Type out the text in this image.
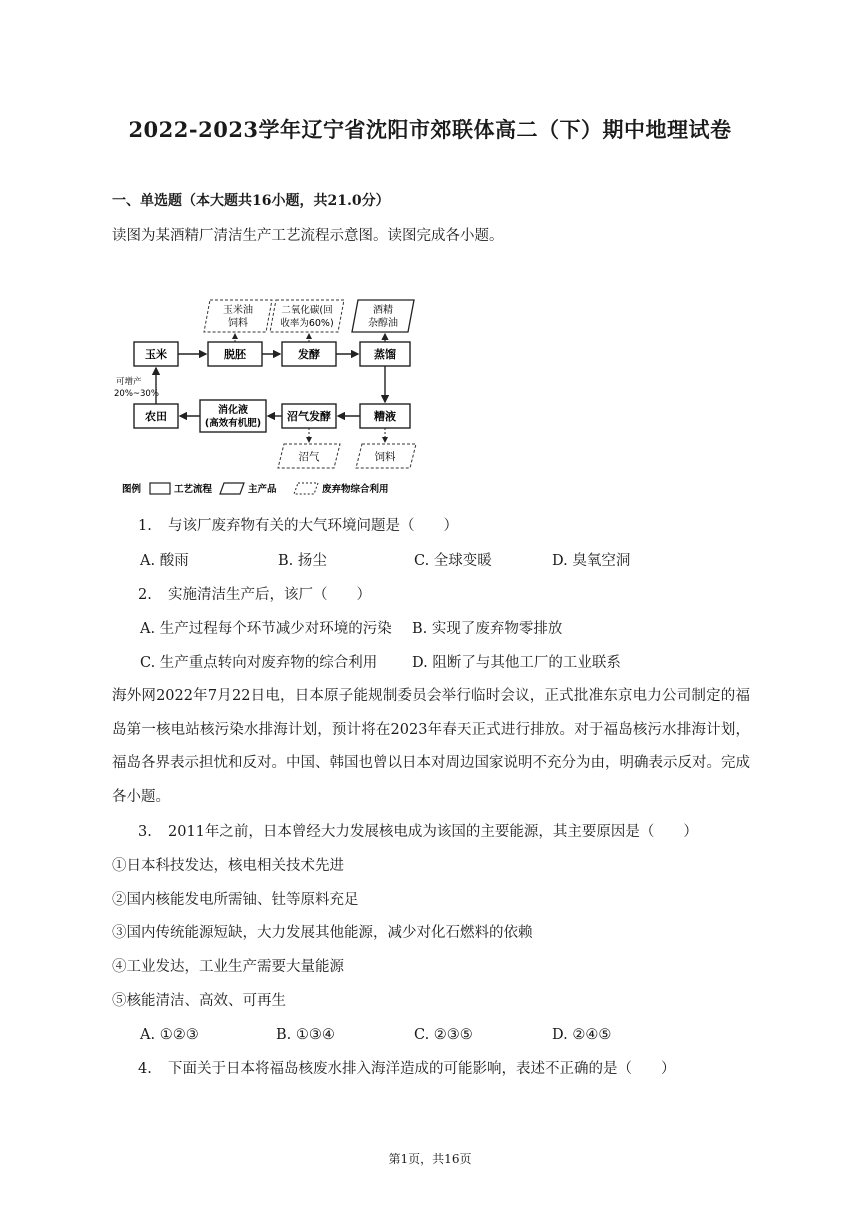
2022-2023学年辽宁省沈阳市郊联体高二（下）期中地理试卷
一、单选题（本大题共16小题，共21.0分）
读图为某酒精厂清洁生产工艺流程示意图。读图完成各小题。
玉米油
饲料
二氧化碳(回
收率为60%)
酒精
杂醇油
玉米	脱胚	发酵	蒸馏
可增产
20%~30%
农田	消化液
(高效有机肥)
沼气发酵	糟液
沼气	饲料
图例	工艺流程	主产品	废弃物综合利用
1. 与该厂废弃物有关的大气环境问题是（　　）
A. 酸雨	B. 扬尘	C. 全球变暖	D. 臭氧空洞
2. 实施清洁生产后，该厂（　　）
A. 生产过程每个环节减少对环境的污染 B. 实现了废弃物零排放
C. 生产重点转向对废弃物的综合利用 D. 阻断了与其他工厂的工业联系
海外网2022年7月22日电，日本原子能规制委员会举行临时会议，正式批准东京电力公司制定的福岛第一核电站核污染水排海计划，预计将在2023年春天正式进行排放。对于福岛核污水排海计划，福岛各界表示担忧和反对。中国、韩国也曾以日本对周边国家说明不充分为由，明确表示反对。完成各小题。
3. 2011年之前，日本曾经大力发展核电成为该国的主要能源，其主要原因是（　　）
①日本科技发达，核电相关技术先进
②国内核能发电所需铀、钍等原料充足
③国内传统能源短缺，大力发展其他能源，减少对化石燃料的依赖
④工业发达，工业生产需要大量能源
⑤核能清洁、高效、可再生
A. ①②③	B. ①③④	C. ②③⑤	D. ②④⑤
4. 下面关于日本将福岛核废水排入海洋造成的可能影响，表述不正确的是（　　）
第1页，共16页
